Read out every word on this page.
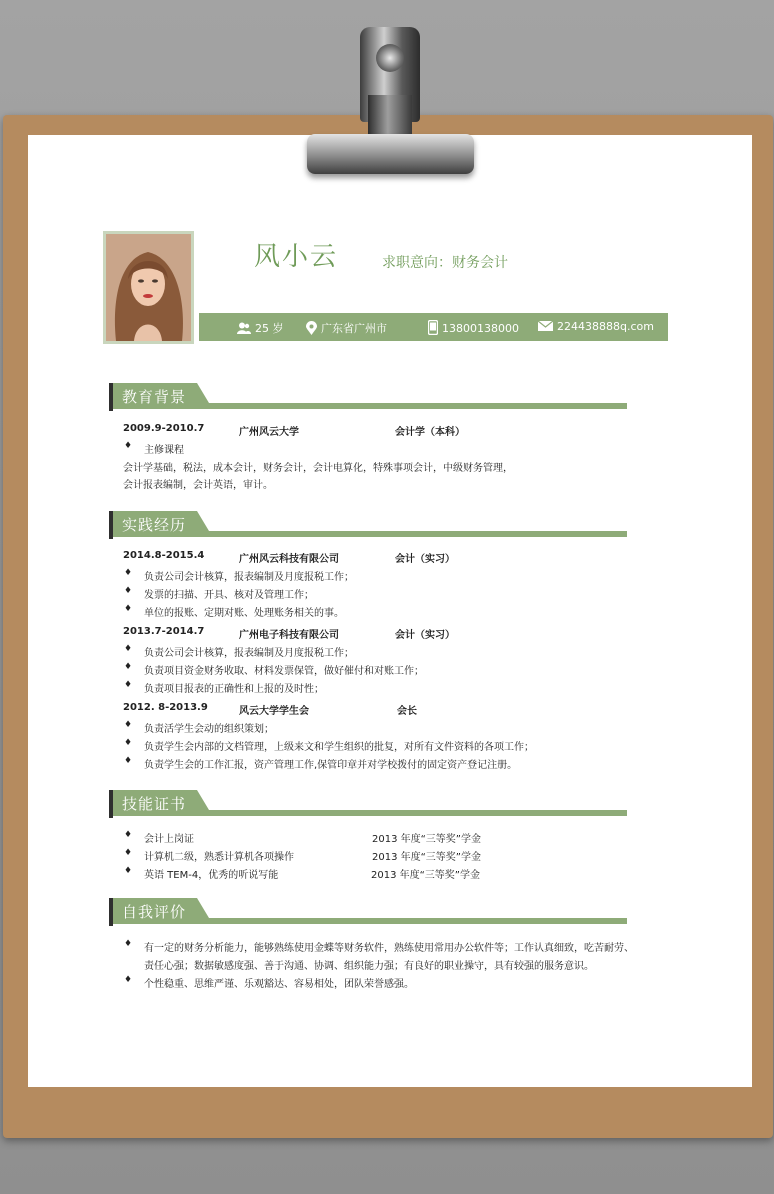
风小云	求职意向：财务会计
25 岁	广东省广州市	13800138000	224438888q.com
教育背景
2009.9-2010.7	广州风云大学	会计学（本科）
♦ 主修课程
会计学基础，税法，成本会计，财务会计，会计电算化，特殊事项会计，中级财务管理，
会计报表编制，会计英语，审计。
实践经历
2014.8-2015.4	广州风云科技有限公司	会计（实习）
♦ 负责公司会计核算，报表编制及月度报税工作；
♦ 发票的扫描、开具、核对及管理工作；
♦ 单位的报账、定期对账、处理账务相关的事。
2013.7-2014.7	广州电子科技有限公司	会计（实习）
♦ 负责公司会计核算，报表编制及月度报税工作；
♦ 负责项目资金财务收取、材料发票保管，做好催付和对账工作；
♦ 负责项目报表的正确性和上报的及时性；
2012. 8-2013.9	风云大学学生会	会长
♦ 负责活学生会动的组织策划；
♦ 负责学生会内部的文档管理，上级来文和学生组织的批复，对所有文件资料的各项工作；
♦ 负责学生会的工作汇报，资产管理工作,保管印章并对学校拨付的固定资产登记注册。
技能证书
♦ 会计上岗证	2013 年度“三等奖”学金
♦ 计算机二级，熟悉计算机各项操作	2013 年度“三等奖”学金
♦ 英语 TEM-4，优秀的听说写能	2013 年度“三等奖”学金
自我评价
♦ 有一定的财务分析能力，能够熟练使用金蝶等财务软件，熟练使用常用办公软件等；工作认真细致，吃苦耐劳、
责任心强；数据敏感度强、善于沟通、协调、组织能力强；有良好的职业操守，具有较强的服务意识。
♦ 个性稳重、思维严谨、乐观豁达、容易相处，团队荣誉感强。
